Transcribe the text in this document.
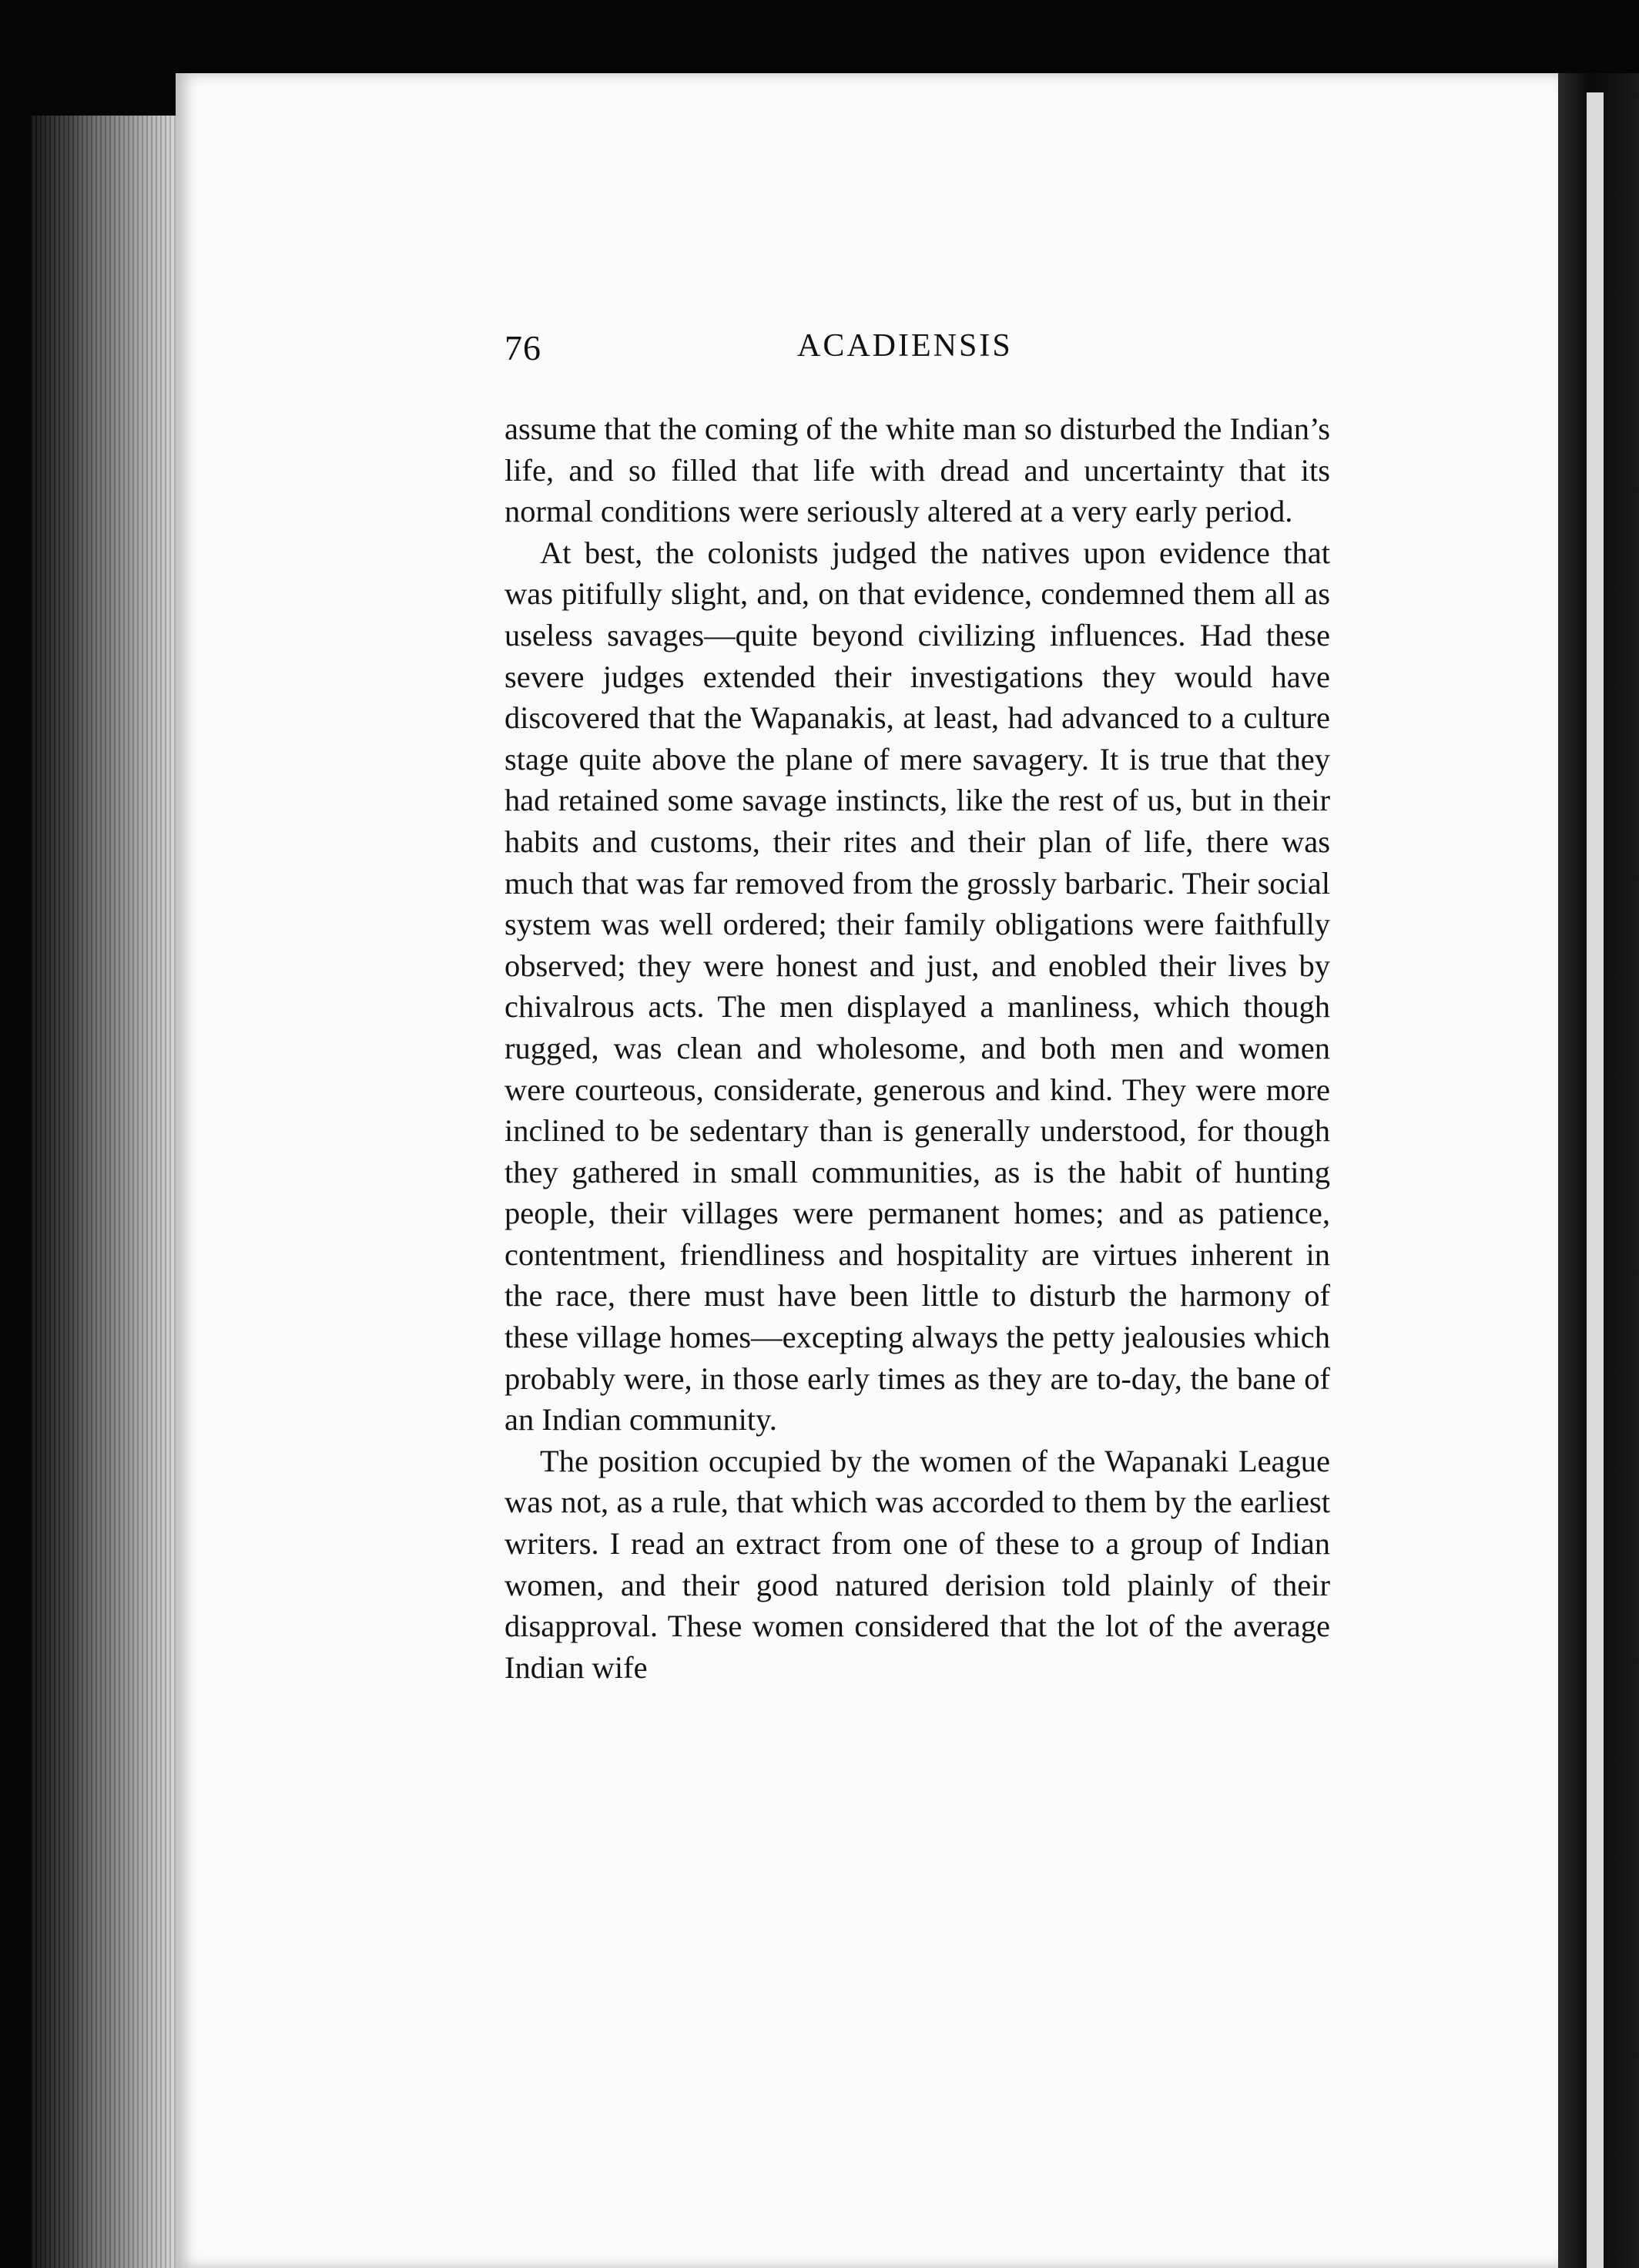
76	ACADIENSIS

assume that the coming of the white man so disturbed the Indian’s life, and so filled that life with dread and uncertainty that its normal conditions were seriously altered at a very early period.

At best, the colonists judged the natives upon evidence that was pitifully slight, and, on that evidence, condemned them all as useless savages—quite beyond civilizing influences. Had these severe judges extended their investigations they would have discovered that the Wapanakis, at least, had advanced to a culture stage quite above the plane of mere savagery. It is true that they had retained some savage instincts, like the rest of us, but in their habits and customs, their rites and their plan of life, there was much that was far removed from the grossly barbaric. Their social system was well ordered; their family obligations were faithfully observed; they were honest and just, and enobled their lives by chivalrous acts. The men displayed a manliness, which though rugged, was clean and wholesome, and both men and women were courteous, considerate, generous and kind. They were more inclined to be sedentary than is generally understood, for though they gathered in small communities, as is the habit of hunting people, their villages were permanent homes; and as patience, contentment, friendliness and hospitality are virtues inherent in the race, there must have been little to disturb the harmony of these village homes—excepting always the petty jealousies which probably were, in those early times as they are to-day, the bane of an Indian community.

The position occupied by the women of the Wapanaki League was not, as a rule, that which was accorded to them by the earliest writers. I read an extract from one of these to a group of Indian women, and their good natured derision told plainly of their disapproval. These women considered that the lot of the average Indian wife
